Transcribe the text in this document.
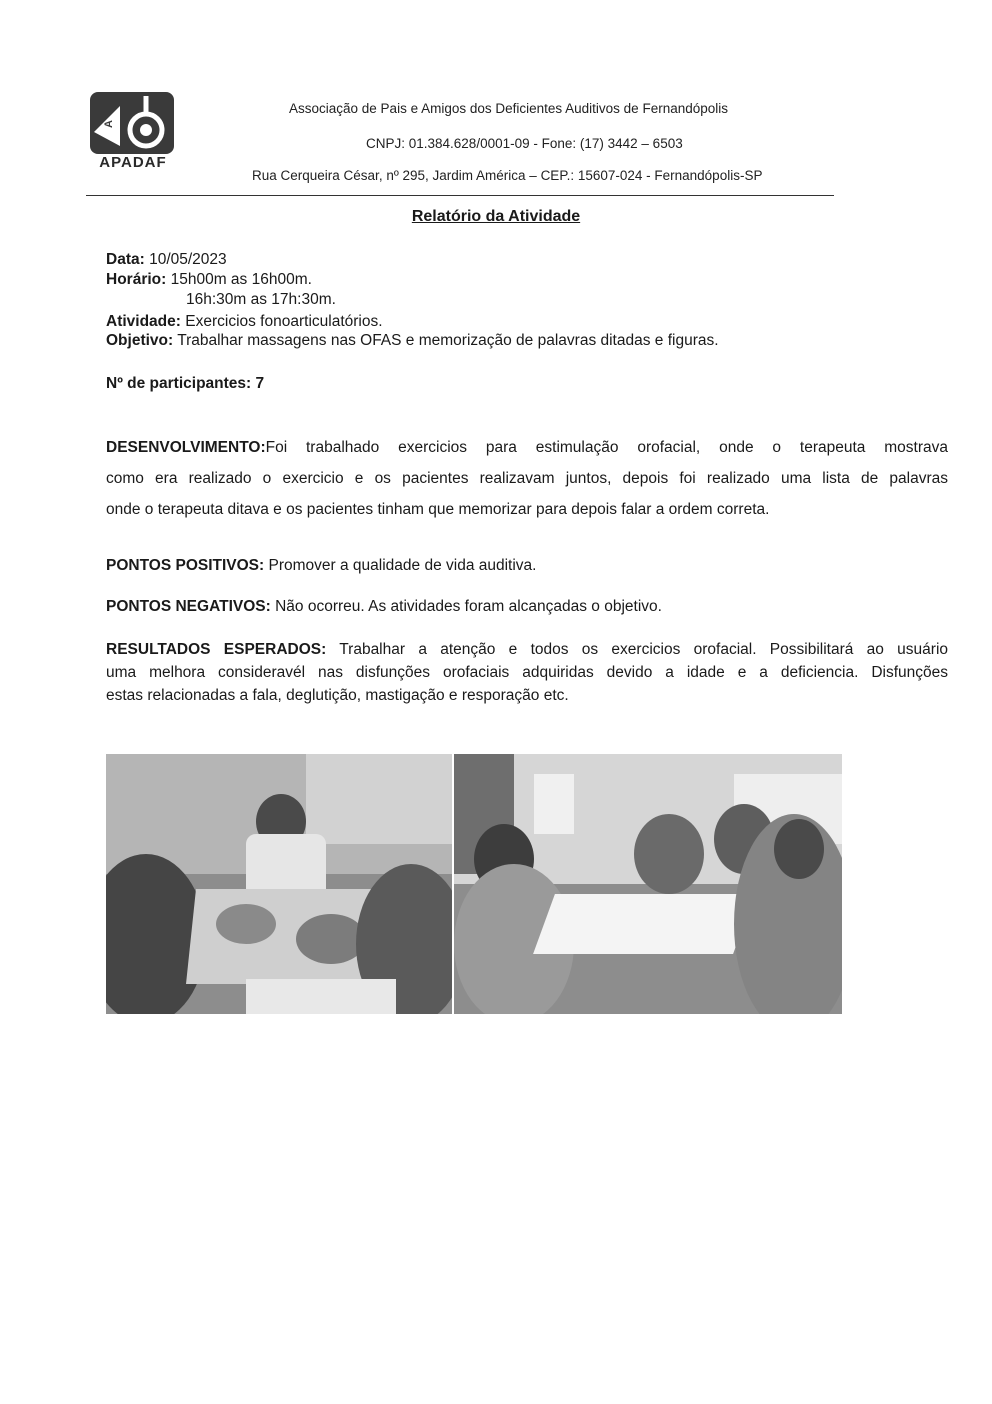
A
APADAF
Associação de Pais e Amigos dos Deficientes Auditivos de Fernandópolis
CNPJ: 01.384.628/0001-09 - Fone: (17) 3442 – 6503
Rua Cerqueira César, nº 295, Jardim América – CEP.: 15607-024 - Fernandópolis-SP
Relatório da Atividade
Data: 10/05/2023
Horário: 15h00m as 16h00m.
16h:30m as 17h:30m.
Atividade: Exercicios fonoarticulatórios.
Objetivo: Trabalhar massagens nas OFAS e memorização de palavras ditadas e figuras.
Nº de participantes: 7

DESENVOLVIMENTO:Foi trabalhado exercicios para estimulação orofacial, onde o terapeuta mostrava

como era realizado o exercicio e os pacientes realizavam juntos, depois foi realizado uma lista de palavras

onde o terapeuta ditava e os pacientes tinham que memorizar para depois falar a ordem correta.

PONTOS POSITIVOS: Promover a qualidade de vida auditiva.
PONTOS NEGATIVOS: Não ocorreu. As atividades foram alcançadas o objetivo.

RESULTADOS ESPERADOS: Trabalhar a atenção e todos os exercicios orofacial. Possibilitará ao usuário

uma melhora consideravél nas disfunções orofaciais adquiridas devido a idade e a deficiencia. Disfunções

estas relacionadas a fala, deglutição, mastigação e resporação etc.
